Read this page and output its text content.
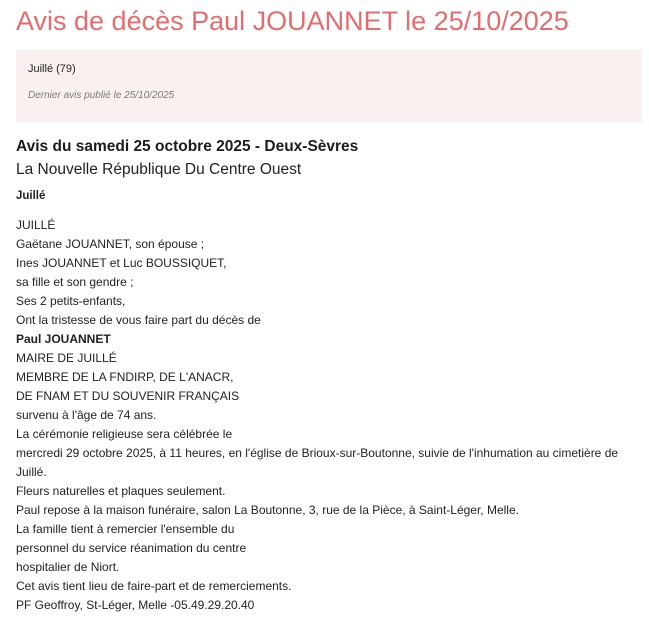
Avis de décès Paul JOUANNET le 25/10/2025
Juillé (79)
Dernier avis publié le 25/10/2025
Avis du samedi 25 octobre 2025 - Deux-Sèvres
La Nouvelle République Du Centre Ouest
Juillé
JUILLÉ
Gaëtane JOUANNET, son épouse ;
Ines JOUANNET et Luc BOUSSIQUET,
sa fille et son gendre ;
Ses 2 petits-enfants,
Ont la tristesse de vous faire part du décès de
Paul JOUANNET
MAIRE DE JUILLÉ
MEMBRE DE LA FNDIRP, DE L'ANACR,
DE FNAM ET DU SOUVENIR FRANÇAIS
survenu à l'âge de 74 ans.
La cérémonie religieuse sera célébrée le
mercredi 29 octobre 2025, à 11 heures, en l'église de Brioux-sur-Boutonne, suivie de l'inhumation au cimetière de Juillé.
Fleurs naturelles et plaques seulement.
Paul repose à la maison funéraire, salon La Boutonne, 3, rue de la Pièce, à Saint-Léger, Melle.
La famille tient à remercier l'ensemble du
personnel du service réanimation du centre
hospitalier de Niort.
Cet avis tient lieu de faire-part et de remerciements.
PF Geoffroy, St-Léger, Melle -05.49.29.20.40
